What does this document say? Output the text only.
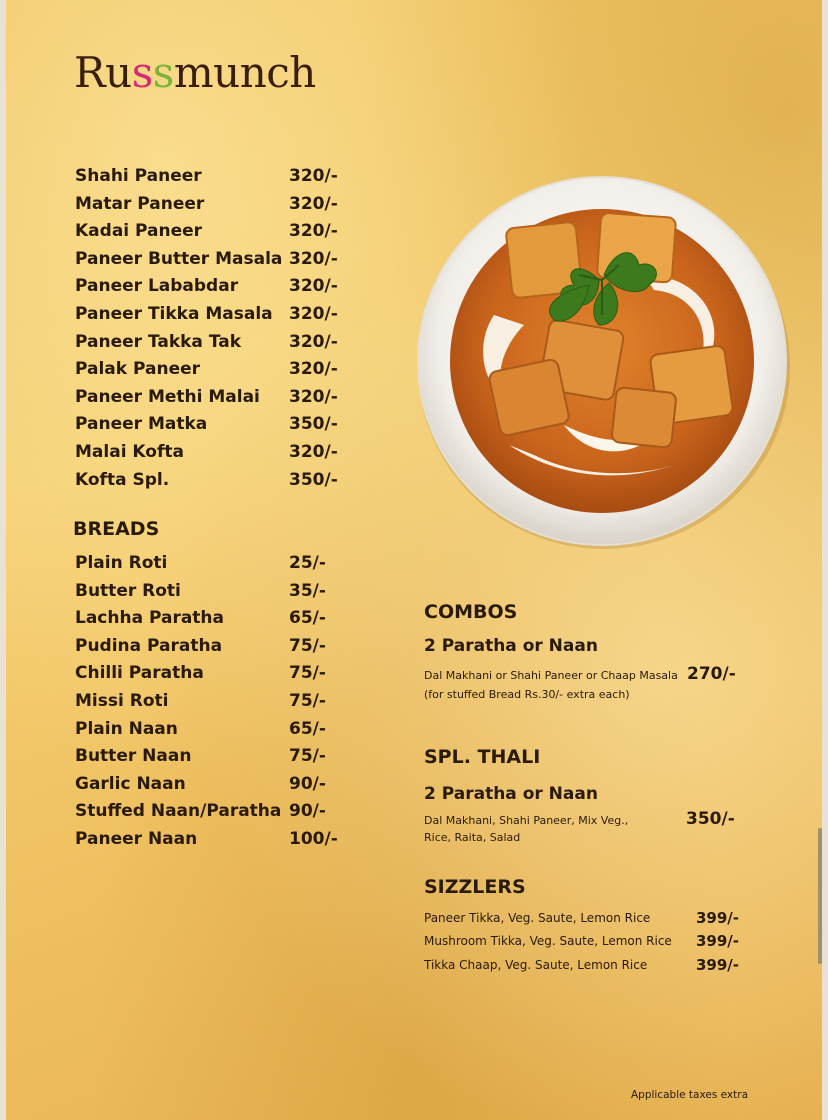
Russmunch
Shahi Paneer	320/-
Matar Paneer	320/-
Kadai Paneer	320/-
Paneer Butter Masala 320/-
Paneer Lababdar	320/-
Paneer Tikka Masala 320/-
Paneer Takka Tak	320/-
Palak Paneer	320/-
Paneer Methi Malai 320/-
Paneer Matka	350/-
Malai Kofta	320/-
Kofta Spl.	350/-
BREADS
Plain Roti	25/-
Butter Roti	35/-
Lachha Paratha	65/-
Pudina Paratha	75/-
Chilli Paratha	75/-
Missi Roti	75/-
Plain Naan	65/-
Butter Naan	75/-
Garlic Naan	90/-
Stuffed Naan/Paratha 90/-
Paneer Naan	100/-
COMBOS
2 Paratha or Naan
Dal Makhani or Shahi Paneer or Chaap Masala
(for stuffed Bread Rs.30/- extra each)
270/-
SPL. THALI
2 Paratha or Naan
Dal Makhani, Shahi Paneer, Mix Veg.,
Rice, Raita, Salad
350/-
SIZZLERS
Paneer Tikka, Veg. Saute, Lemon Rice	399/-
Mushroom Tikka, Veg. Saute, Lemon Rice 399/-
Tikka Chaap, Veg. Saute, Lemon Rice	399/-
Applicable taxes extra
